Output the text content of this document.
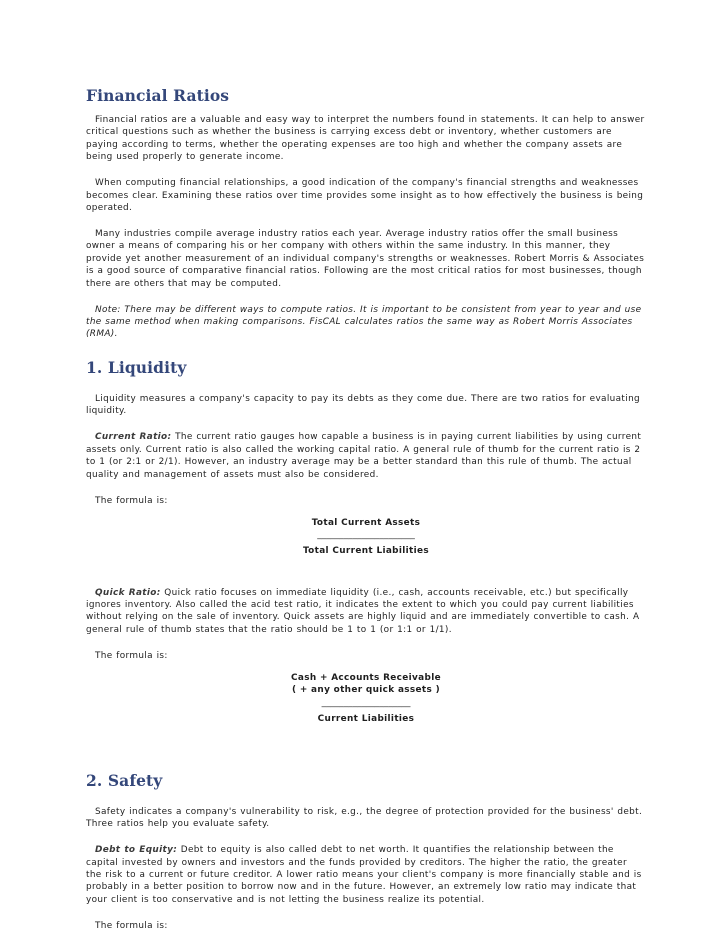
Financial Ratios

Financial ratios are a valuable and easy way to interpret the numbers found in statements. It can help to answer critical questions such as whether the business is carrying excess debt or inventory, whether customers are paying according to terms, whether the operating expenses are too high and whether the company assets are being used properly to generate income.

When computing financial relationships, a good indication of the company's financial strengths and weaknesses becomes clear. Examining these ratios over time provides some insight as to how effectively the business is being operated.

Many industries compile average industry ratios each year. Average industry ratios offer the small business owner a means of comparing his or her company with others within the same industry. In this manner, they provide yet another measurement of an individual company's strengths or weaknesses. Robert Morris & Associates is a good source of comparative financial ratios. Following are the most critical ratios for most businesses, though there are others that may be computed.

Note: There may be different ways to compute ratios. It is important to be consistent from year to year and use the same method when making comparisons. FisCAL calculates ratios the same way as Robert Morris Associates (RMA).

1. Liquidity

Liquidity measures a company's capacity to pay its debts as they come due. There are two ratios for evaluating liquidity.

Current Ratio: The current ratio gauges how capable a business is in paying current liabilities by using current assets only. Current ratio is also called the working capital ratio. A general rule of thumb for the current ratio is 2 to 1 (or 2:1 or 2/1). However, an industry average may be a better standard than this rule of thumb. The actual quality and management of assets must also be considered.

The formula is:

Total Current Assets
______________________
Total Current Liabilities

Quick Ratio: Quick ratio focuses on immediate liquidity (i.e., cash, accounts receivable, etc.) but specifically ignores inventory. Also called the acid test ratio, it indicates the extent to which you could pay current liabilities without relying on the sale of inventory. Quick assets are highly liquid and are immediately convertible to cash. A general rule of thumb states that the ratio should be 1 to 1 (or 1:1 or 1/1).

The formula is:

Cash + Accounts Receivable
( + any other quick assets )
____________________
Current Liabilities
2. Safety

Safety indicates a company's vulnerability to risk, e.g., the degree of protection provided for the business' debt. Three ratios help you evaluate safety.

Debt to Equity: Debt to equity is also called debt to net worth. It quantifies the relationship between the capital invested by owners and investors and the funds provided by creditors. The higher the ratio, the greater the risk to a current or future creditor. A lower ratio means your client's company is more financially stable and is probably in a better position to borrow now and in the future. However, an extremely low ratio may indicate that your client is too conservative and is not letting the business realize its potential.

The formula is:
